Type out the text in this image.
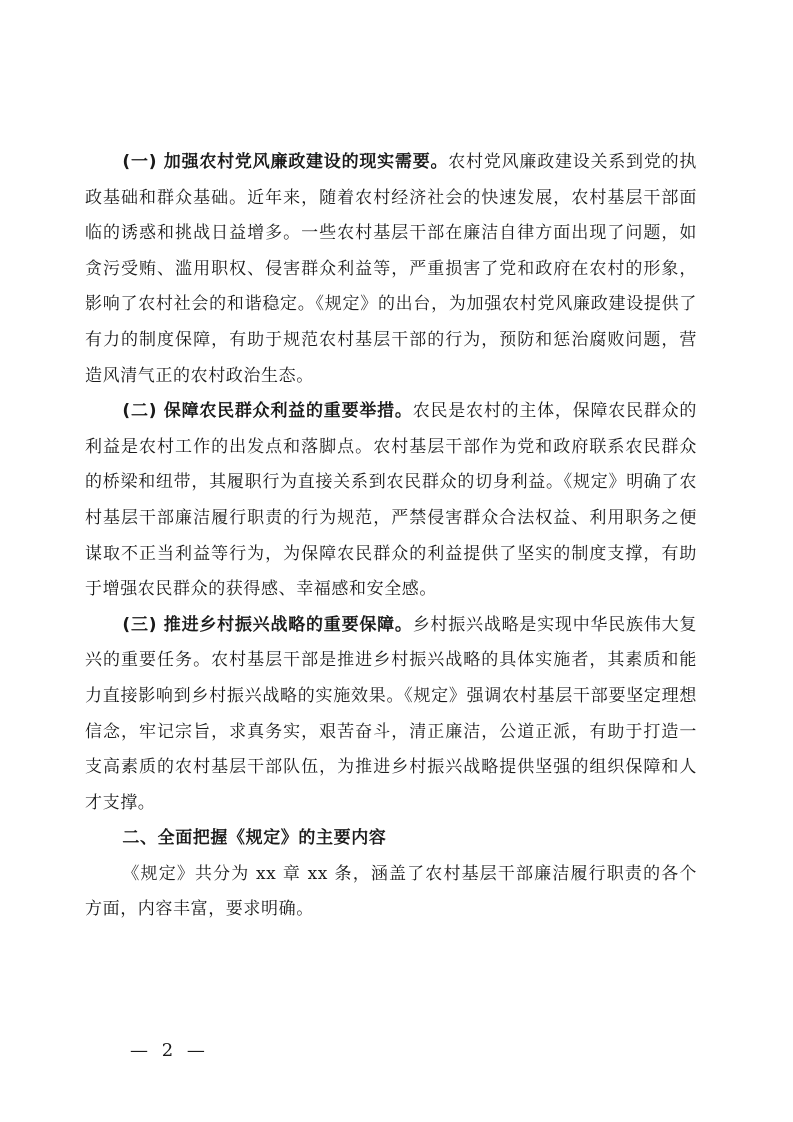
(一) 加强农村党风廉政建设的现实需要。农村党风廉政建设关系到党的执政基础和群众基础。近年来，随着农村经济社会的快速发展，农村基层干部面临的诱惑和挑战日益增多。一些农村基层干部在廉洁自律方面出现了问题，如贪污受贿、滥用职权、侵害群众利益等，严重损害了党和政府在农村的形象，影响了农村社会的和谐稳定。《规定》的出台，为加强农村党风廉政建设提供了有力的制度保障，有助于规范农村基层干部的行为，预防和惩治腐败问题，营造风清气正的农村政治生态。

(二) 保障农民群众利益的重要举措。农民是农村的主体，保障农民群众的利益是农村工作的出发点和落脚点。农村基层干部作为党和政府联系农民群众的桥梁和纽带，其履职行为直接关系到农民群众的切身利益。《规定》明确了农村基层干部廉洁履行职责的行为规范，严禁侵害群众合法权益、利用职务之便谋取不正当利益等行为，为保障农民群众的利益提供了坚实的制度支撑，有助于增强农民群众的获得感、幸福感和安全感。

(三) 推进乡村振兴战略的重要保障。乡村振兴战略是实现中华民族伟大复兴的重要任务。农村基层干部是推进乡村振兴战略的具体实施者，其素质和能力直接影响到乡村振兴战略的实施效果。《规定》强调农村基层干部要坚定理想信念，牢记宗旨，求真务实，艰苦奋斗，清正廉洁，公道正派，有助于打造一支高素质的农村基层干部队伍，为推进乡村振兴战略提供坚强的组织保障和人才支撑。

二、全面把握《规定》的主要内容

《规定》共分为 xx 章 xx 条，涵盖了农村基层干部廉洁履行职责的各个方面，内容丰富，要求明确。

— 2 —
